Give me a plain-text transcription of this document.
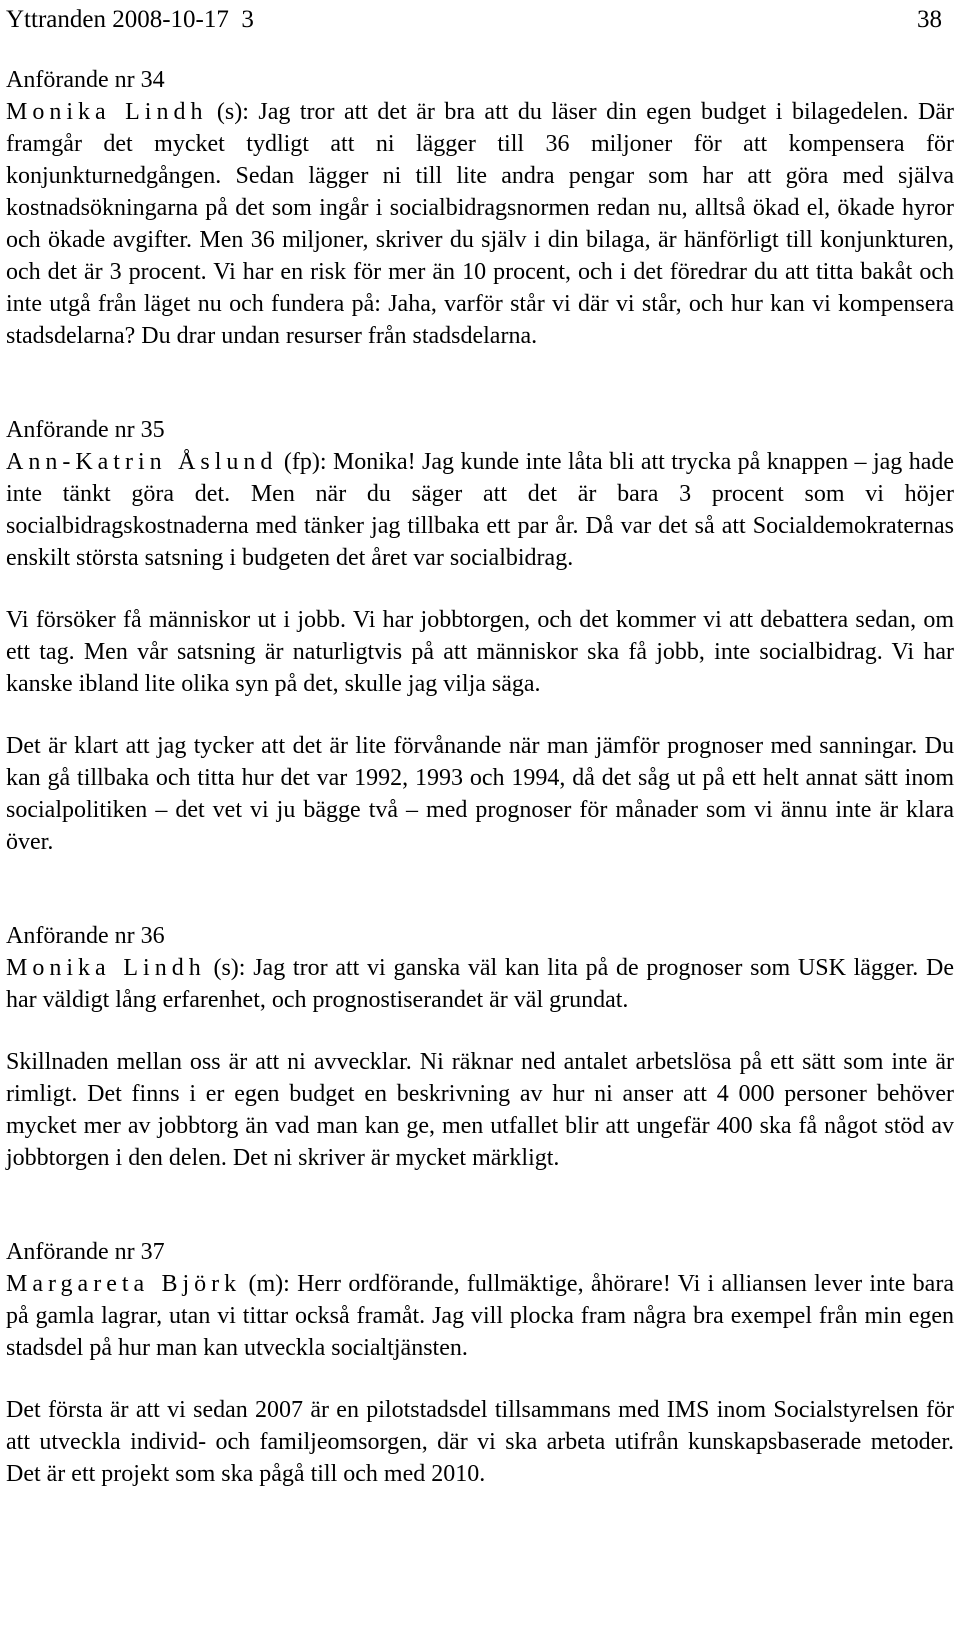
Yttranden 2008-10-17  3	38

Anförande nr 34

Monika Lindh (s): Jag tror att det är bra att du läser din egen budget i bilagedelen. Där framgår det mycket tydligt att ni lägger till 36 miljoner för att kompensera för konjunkturnedgången. Sedan lägger ni till lite andra pengar som har att göra med själva kostnadsökningarna på det som ingår i socialbidragsnormen redan nu, alltså ökad el, ökade hyror och ökade avgifter. Men 36 miljoner, skriver du själv i din bilaga, är hänförligt till konjunkturen, och det är 3 procent. Vi har en risk för mer än 10 procent, och i det föredrar du att titta bakåt och inte utgå från läget nu och fundera på: Jaha, varför står vi där vi står, och hur kan vi kompensera stadsdelarna? Du drar undan resurser från stadsdelarna.

Anförande nr 35

Ann-Katrin Åslund (fp): Monika! Jag kunde inte låta bli att trycka på knappen – jag hade inte tänkt göra det. Men när du säger att det är bara 3 procent som vi höjer socialbidragskostnaderna med tänker jag tillbaka ett par år. Då var det så att Socialdemokraternas enskilt största satsning i budgeten det året var socialbidrag.

Vi försöker få människor ut i jobb. Vi har jobbtorgen, och det kommer vi att debattera sedan, om ett tag. Men vår satsning är naturligtvis på att människor ska få jobb, inte socialbidrag. Vi har kanske ibland lite olika syn på det, skulle jag vilja säga.

Det är klart att jag tycker att det är lite förvånande när man jämför prognoser med sanningar. Du kan gå tillbaka och titta hur det var 1992, 1993 och 1994, då det såg ut på ett helt annat sätt inom socialpolitiken – det vet vi ju bägge två – med prognoser för månader som vi ännu inte är klara över.

Anförande nr 36

Monika Lindh (s): Jag tror att vi ganska väl kan lita på de prognoser som USK lägger. De har väldigt lång erfarenhet, och prognostiserandet är väl grundat.

Skillnaden mellan oss är att ni avvecklar. Ni räknar ned antalet arbetslösa på ett sätt som inte är rimligt. Det finns i er egen budget en beskrivning av hur ni anser att 4 000 personer behöver mycket mer av jobbtorg än vad man kan ge, men utfallet blir att ungefär 400 ska få något stöd av jobbtorgen i den delen. Det ni skriver är mycket märkligt.

Anförande nr 37

Margareta Björk (m): Herr ordförande, fullmäktige, åhörare! Vi i alliansen lever inte bara på gamla lagrar, utan vi tittar också framåt. Jag vill plocka fram några bra exempel från min egen stadsdel på hur man kan utveckla socialtjänsten.

Det första är att vi sedan 2007 är en pilotstadsdel tillsammans med IMS inom Socialstyrelsen för att utveckla individ- och familjeomsorgen, där vi ska arbeta utifrån kunskapsbaserade metoder. Det är ett projekt som ska pågå till och med 2010.
